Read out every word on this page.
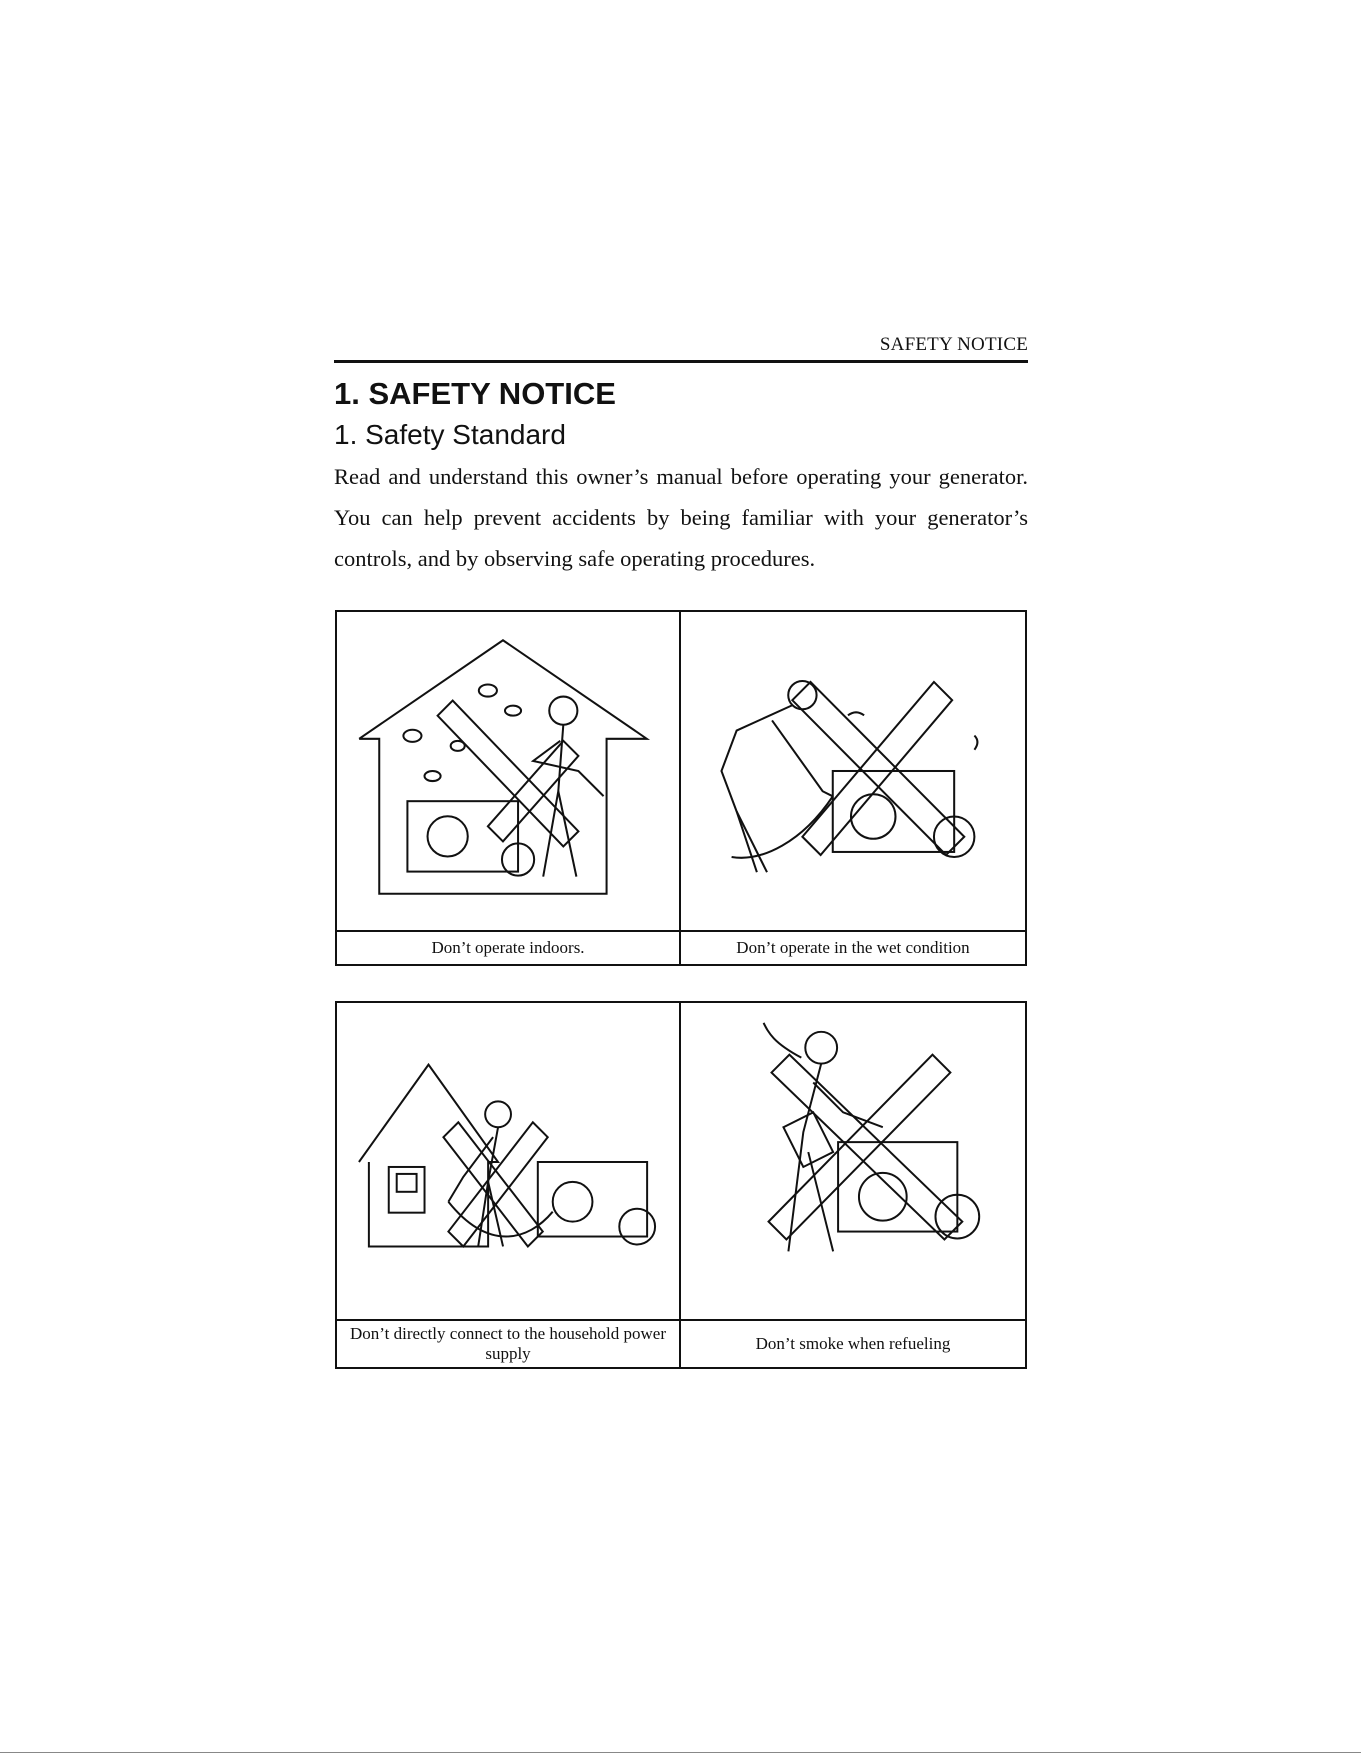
SAFETY NOTICE
1. SAFETY NOTICE
1. Safety Standard

Read and understand this owner’s manual before operating your generator. You can help prevent accidents by being familiar with your generator’s controls, and by observing safe operating procedures.

Don’t operate indoors.	Don’t operate in the wet condition
Don’t directly connect to the household power supply
Don’t smoke when refueling
